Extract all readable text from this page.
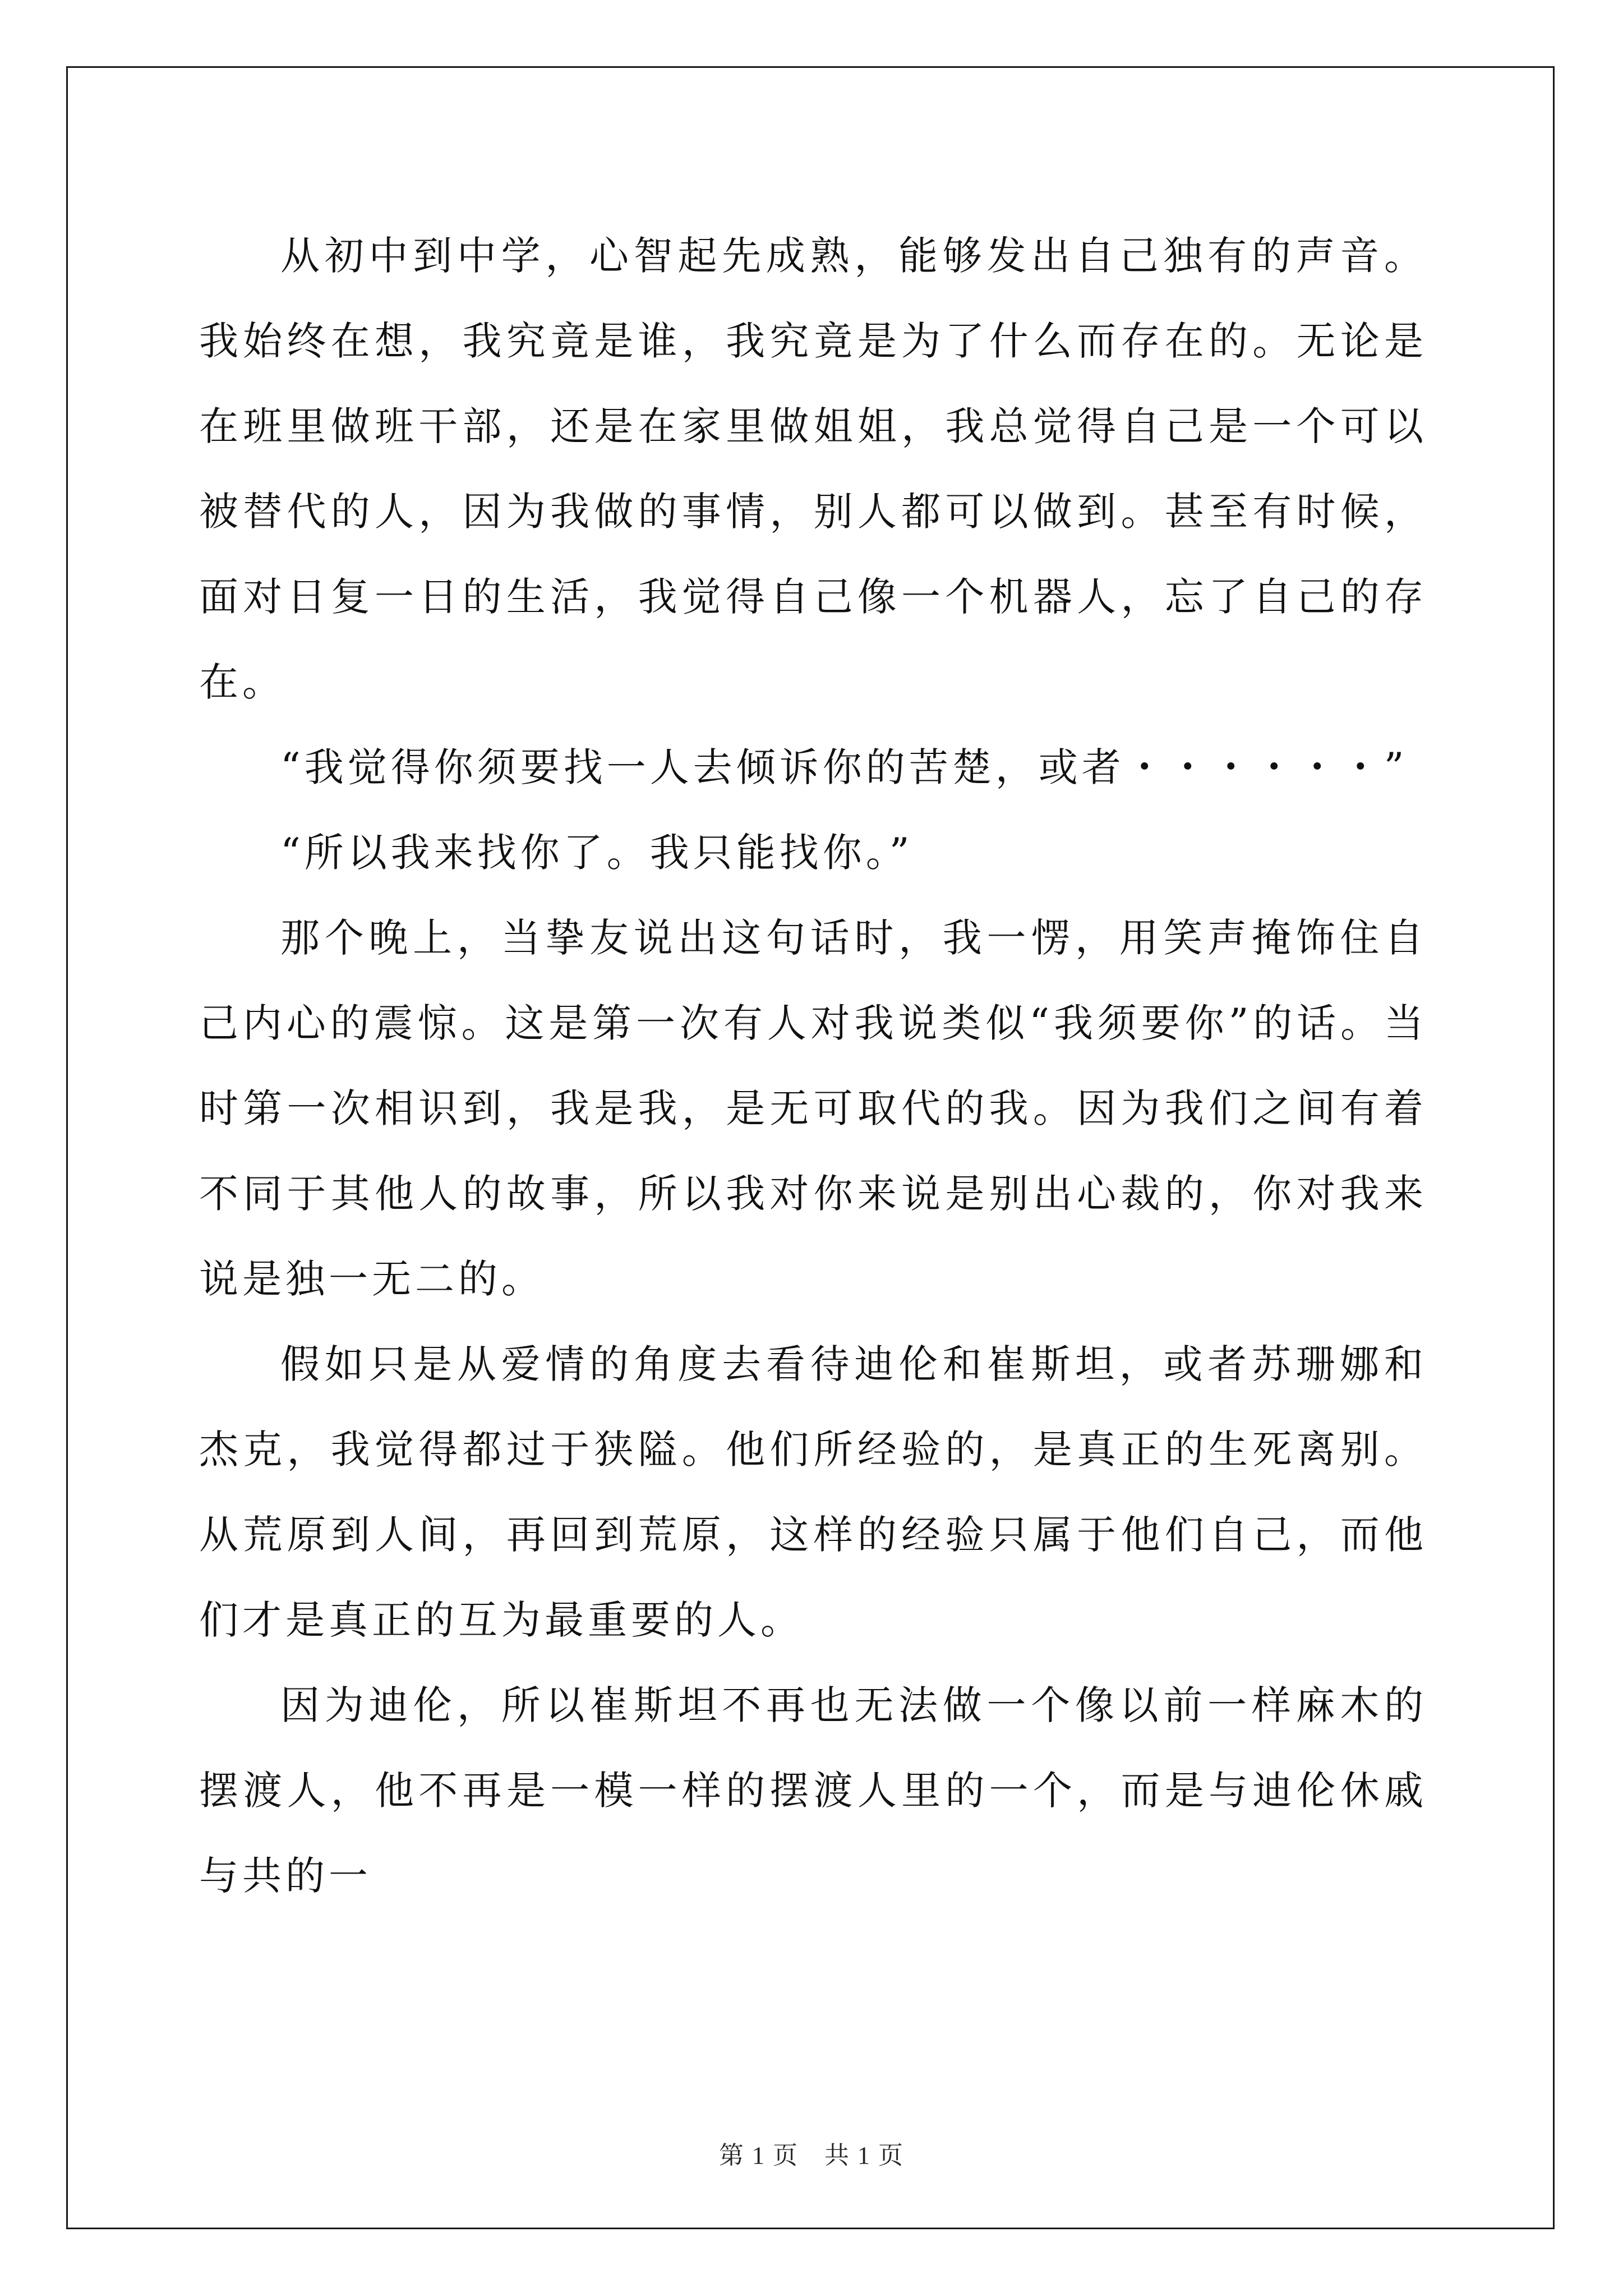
从初中到中学，心智起先成熟，能够发出自己独有的声音。我始终在想，我究竟是谁，我究竟是为了什么而存在的。无论是在班里做班干部，还是在家里做姐姐，我总觉得自己是一个可以被替代的人，因为我做的事情，别人都可以做到。甚至有时候，面对日复一日的生活，我觉得自己像一个机器人，忘了自己的存在。

“我觉得你须要找一人去倾诉你的苦楚，或者・・・・・・”

“所以我来找你了。我只能找你。”

那个晚上，当挚友说出这句话时，我一愣，用笑声掩饰住自己内心的震惊。这是第一次有人对我说类似“我须要你”的话。当时第一次相识到，我是我，是无可取代的我。因为我们之间有着不同于其他人的故事，所以我对你来说是别出心裁的，你对我来说是独一无二的。

假如只是从爱情的角度去看待迪伦和崔斯坦，或者苏珊娜和杰克，我觉得都过于狭隘。他们所经验的，是真正的生死离别。从荒原到人间，再回到荒原，这样的经验只属于他们自己，而他们才是真正的互为最重要的人。

因为迪伦，所以崔斯坦不再也无法做一个像以前一样麻木的摆渡人，他不再是一模一样的摆渡人里的一个，而是与迪伦休戚与共的一

第 1 页　共 1 页
